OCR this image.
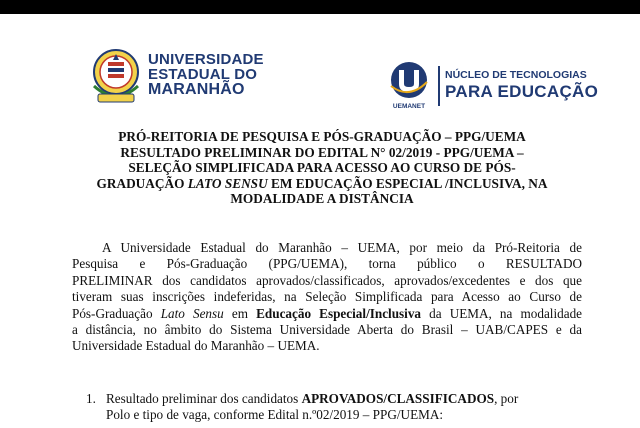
UNIVERSIDADE
ESTADUAL DO
MARANHÃO
UEMANET
NÚCLEO DE TECNOLOGIAS
PARA EDUCAÇÃO
PRÓ-REITORIA DE PESQUISA E PÓS-GRADUAÇÃO – PPG/UEMA
RESULTADO PRELIMINAR DO EDITAL N° 02/2019 - PPG/UEMA –
SELEÇÃO SIMPLIFICADA PARA ACESSO AO CURSO DE PÓS-
GRADUAÇÃO LATO SENSU EM EDUCAÇÃO ESPECIAL /INCLUSIVA, NA
MODALIDADE A DISTÂNCIA
A Universidade Estadual do Maranhão – UEMA, por meio da Pró-Reitoria de
Pesquisa e Pós-Graduação (PPG/UEMA), torna público o RESULTADO
PRELIMINAR dos candidatos aprovados/classificados, aprovados/excedentes e dos que
tiveram suas inscrições indeferidas, na Seleção Simplificada para Acesso ao Curso de
Pós-Graduação Lato Sensu em Educação Especial/Inclusiva da UEMA, na modalidade
a distância, no âmbito do Sistema Universidade Aberta do Brasil – UAB/CAPES e da
Universidade Estadual do Maranhão – UEMA.
1. Resultado preliminar dos candidatos APROVADOS/CLASSIFICADOS, por
Polo e tipo de vaga, conforme Edital n.º02/2019 – PPG/UEMA:
